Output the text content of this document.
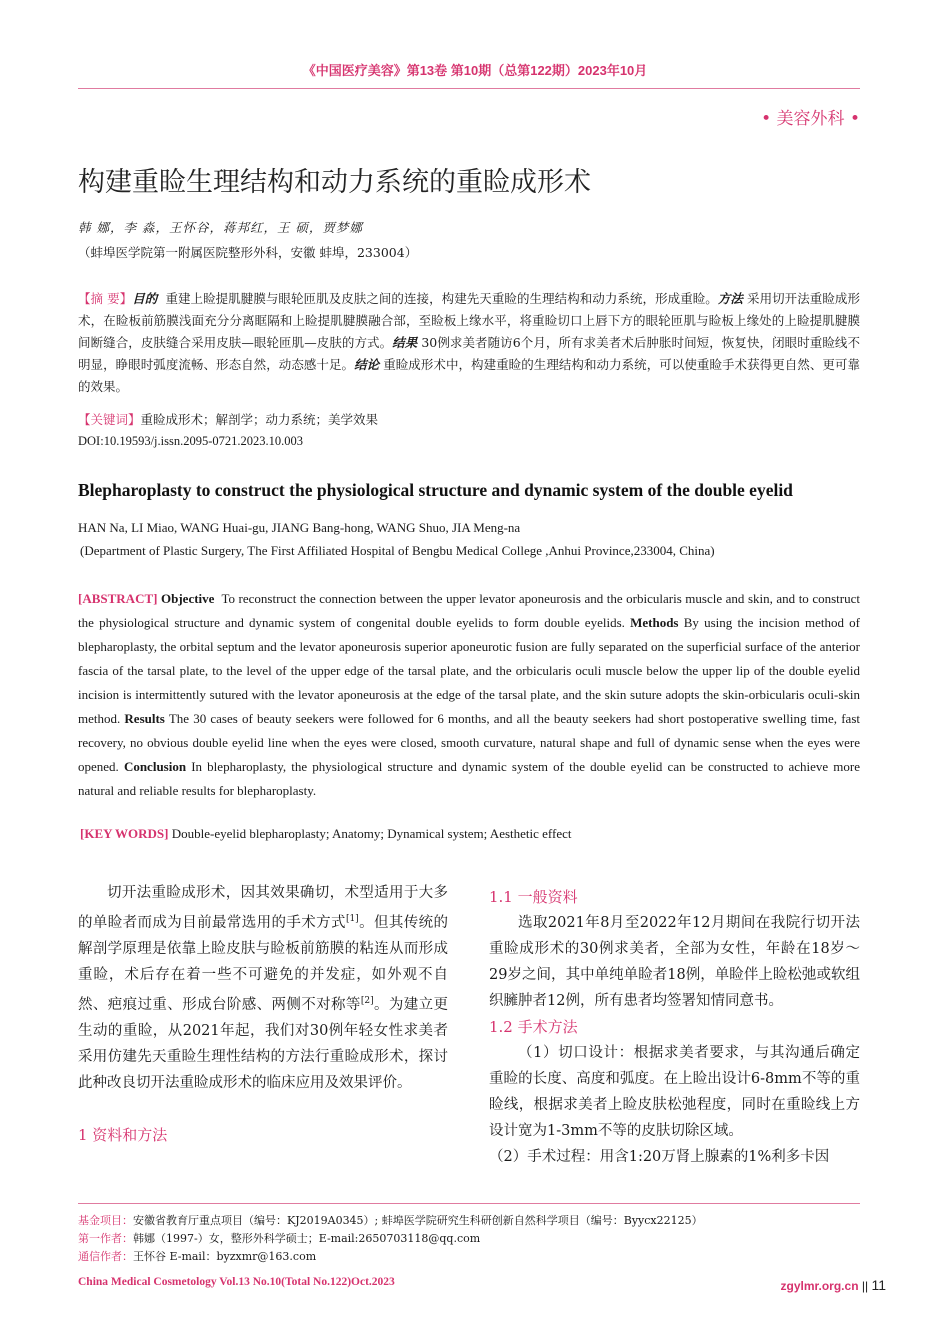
《中国医疗美容》第13卷 第10期（总第122期）2023年10月
• 美容外科 •
构建重睑生理结构和动力系统的重睑成形术
韩 娜，李 淼，王怀谷，蒋邦红，王 硕，贾梦娜
（蚌埠医学院第一附属医院整形外科，安徽 蚌埠，233004）
【摘 要】目的 重建上睑提肌腱膜与眼轮匝肌及皮肤之间的连接，构建先天重睑的生理结构和动力系统，形成重睑。方法 采用切开法重睑成形术，在睑板前筋膜浅面充分分离眶隔和上睑提肌腱膜融合部，至睑板上缘水平，将重睑切口上唇下方的眼轮匝肌与睑板上缘处的上睑提肌腱膜间断缝合，皮肤缝合采用皮肤—眼轮匝肌—皮肤的方式。结果 30例求美者随访6个月，所有求美者术后肿胀时间短，恢复快，闭眼时重睑线不明显，睁眼时弧度流畅、形态自然，动态感十足。结论 重睑成形术中，构建重睑的生理结构和动力系统，可以使重睑手术获得更自然、更可靠的效果。
【关键词】重睑成形术；解剖学；动力系统；美学效果
DOI:10.19593/j.issn.2095-0721.2023.10.003
Blepharoplasty to construct the physiological structure and dynamic system of the double eyelid
HAN Na, LI Miao, WANG Huai-gu, JIANG Bang-hong, WANG Shuo, JIA Meng-na
(Department of Plastic Surgery, The First Affiliated Hospital of Bengbu Medical College ,Anhui Province,233004, China)
[ABSTRACT] Objective To reconstruct the connection between the upper levator aponeurosis and the orbicularis muscle and skin, and to construct the physiological structure and dynamic system of congenital double eyelids to form double eyelids. Methods By using the incision method of blepharoplasty, the orbital septum and the levator aponeurosis superior aponeurotic fusion are fully separated on the superficial surface of the anterior fascia of the tarsal plate, to the level of the upper edge of the tarsal plate, and the orbicularis oculi muscle below the upper lip of the double eyelid incision is intermittently sutured with the levator aponeurosis at the edge of the tarsal plate, and the skin suture adopts the skin-orbicularis oculi-skin method. Results The 30 cases of beauty seekers were followed for 6 months, and all the beauty seekers had short postoperative swelling time, fast recovery, no obvious double eyelid line when the eyes were closed, smooth curvature, natural shape and full of dynamic sense when the eyes were opened. Conclusion In blepharoplasty, the physiological structure and dynamic system of the double eyelid can be constructed to achieve more natural and reliable results for blepharoplasty.
[KEY WORDS] Double-eyelid blepharoplasty; Anatomy; Dynamical system; Aesthetic effect

切开法重睑成形术，因其效果确切，术型适用于大多的单睑者而成为目前最常选用的手术方式[1]。但其传统的解剖学原理是依靠上睑皮肤与睑板前筋膜的粘连从而形成重睑，术后存在着一些不可避免的并发症，如外观不自然、疤痕过重、形成台阶感、两侧不对称等[2]。为建立更生动的重睑，从2021年起，我们对30例年轻女性求美者采用仿建先天重睑生理性结构的方法行重睑成形术，探讨此种改良切开法重睑成形术的临床应用及效果评价。

1 资料和方法

1.1 一般资料

选取2021年8月至2022年12月期间在我院行切开法重睑成形术的30例求美者，全部为女性，年龄在18岁～29岁之间，其中单纯单睑者18例，单睑伴上睑松弛或软组织臃肿者12例，所有患者均签署知情同意书。

1.2 手术方法

（1）切口设计：根据求美者要求，与其沟通后确定重睑的长度、高度和弧度。在上睑出设计6-8mm不等的重睑线，根据求美者上睑皮肤松弛程度，同时在重睑线上方设计宽为1-3mm不等的皮肤切除区域。

（2）手术过程：用含1:20万肾上腺素的1%利多卡因

基金项目：安徽省教育厅重点项目（编号：KJ2019A0345）; 蚌埠医学院研究生科研创新自然科学项目（编号：Byycx22125）
第一作者：韩娜（1997-）女，整形外科学硕士；E-mail:2650703118@qq.com
通信作者：王怀谷 E-mail：byzxmr@163.com
China Medical Cosmetology Vol.13 No.10(Total No.122)Oct.2023	zgylmr.org.cn || 11
